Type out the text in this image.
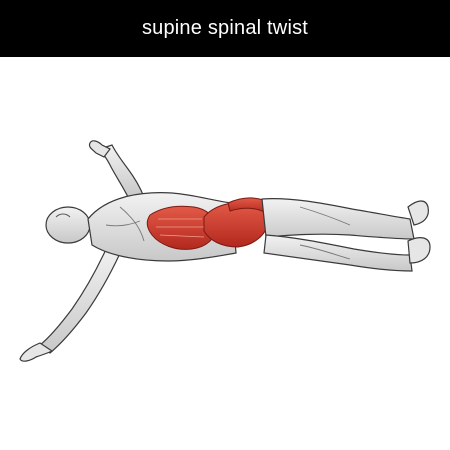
supine spinal twist
